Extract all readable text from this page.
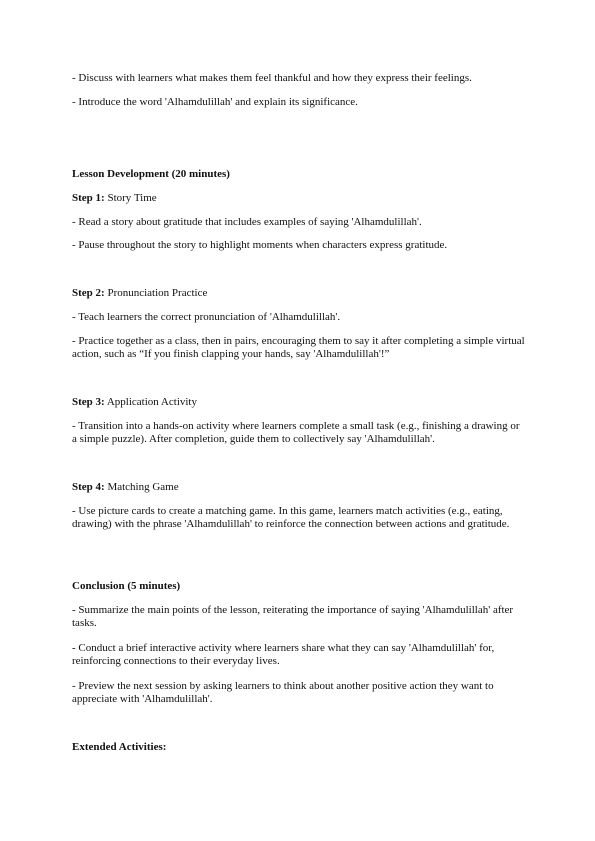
- Discuss with learners what makes them feel thankful and how they express their feelings.

- Introduce the word 'Alhamdulillah' and explain its significance.

Lesson Development (20 minutes)

Step 1: Story Time

- Read a story about gratitude that includes examples of saying 'Alhamdulillah'.

- Pause throughout the story to highlight moments when characters express gratitude.

Step 2: Pronunciation Practice

- Teach learners the correct pronunciation of 'Alhamdulillah'.

- Practice together as a class, then in pairs, encouraging them to say it after completing a simple virtual action, such as “If you finish clapping your hands, say 'Alhamdulillah'!”

Step 3: Application Activity

- Transition into a hands-on activity where learners complete a small task (e.g., finishing a drawing or a simple puzzle). After completion, guide them to collectively say 'Alhamdulillah'.

Step 4: Matching Game

- Use picture cards to create a matching game. In this game, learners match activities (e.g., eating, drawing) with the phrase 'Alhamdulillah' to reinforce the connection between actions and gratitude.

Conclusion (5 minutes)

- Summarize the main points of the lesson, reiterating the importance of saying 'Alhamdulillah' after tasks.

- Conduct a brief interactive activity where learners share what they can say 'Alhamdulillah' for, reinforcing connections to their everyday lives.

- Preview the next session by asking learners to think about another positive action they want to appreciate with 'Alhamdulillah'.

Extended Activities:
